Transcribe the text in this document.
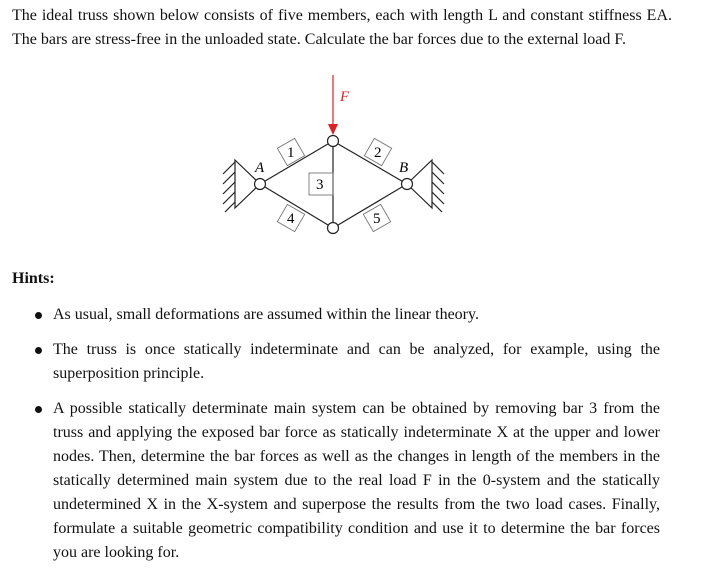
The ideal truss shown below consists of five members, each with length L and constant stiffness EA. The bars are stress-free in the unloaded state. Calculate the bar forces due to the external load F.

F
A	B
1	2
3
4	5
Hints:
As usual, small deformations are assumed within the linear theory.
The truss is once statically indeterminate and can be analyzed, for example, using the superposition principle.
A possible statically determinate main system can be obtained by removing bar 3 from the truss and applying the exposed bar force as statically indeterminate X at the upper and lower nodes. Then, determine the bar forces as well as the changes in length of the members in the statically determined main system due to the real load F in the 0-system and the statically undetermined X in the X-system and superpose the results from the two load cases. Finally, formulate a suitable geometric compatibility condition and use it to determine the bar forces you are looking for.
